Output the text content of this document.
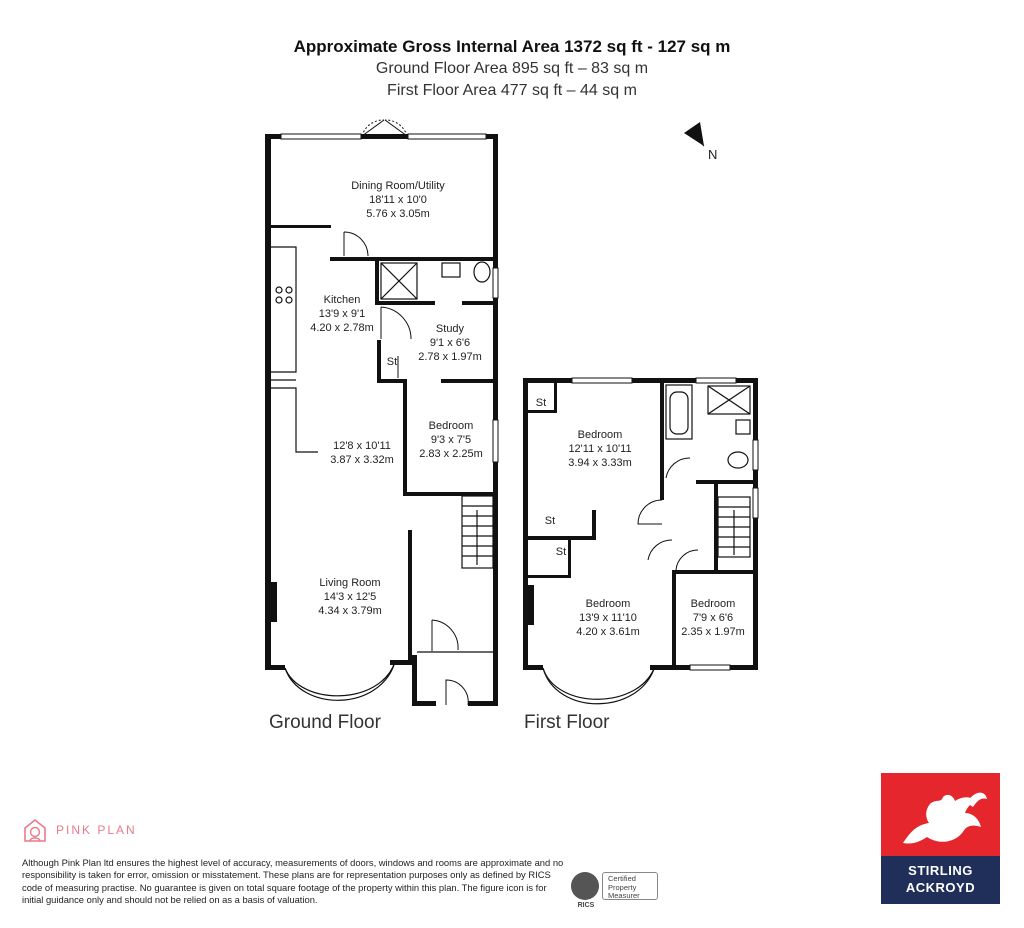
Approximate Gross Internal Area 1372 sq ft - 127 sq m
Ground Floor Area 895 sq ft – 83 sq m
First Floor Area 477 sq ft – 44 sq m
N
Dining Room/Utility
18'11 x 10'0
5.76 x 3.05m
Kitchen
13'9 x 9'1
4.20 x 2.78m	Study
9'1 x 6'6
2.78 x 1.97m
St
12'8 x 10'11
3.87 x 3.32m
Bedroom
9'3 x 7'5
2.83 x 2.25m
Living Room
14'3 x 12'5
4.34 x 3.79m
Bedroom
12'11 x 10'11
3.94 x 3.33m
Bedroom
13'9 x 11'10
4.20 x 3.61m
Bedroom
7'9 x 6'6
2.35 x 1.97m
St
St
St
Ground Floor	First Floor
PINK PLAN
Although Pink Plan ltd ensures the highest level of accuracy, measurements of doors, windows and rooms are approximate and no responsibility is taken for error, omission or misstatement. These plans are for representation purposes only as defined by RICS code of measuring practise. No guarantee is given on total square footage of the property within this plan. The figure icon is for initial guidance only and should not be relied on as a basis of valuation.
RICS
Certified
Property
Measurer
STIRLING
ACKROYD
